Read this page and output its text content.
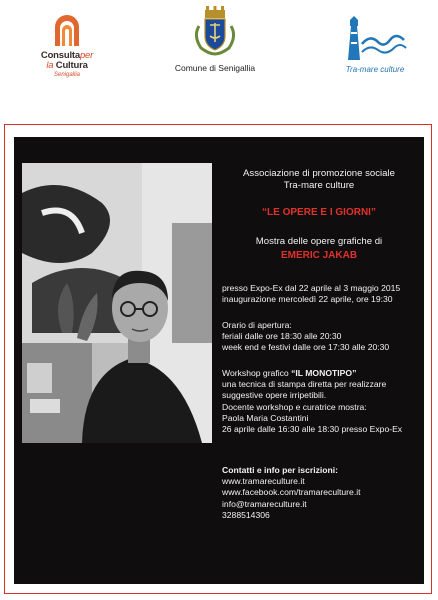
Consultaper
la Cultura
Senigallia
Comune di Senigallia	Tra-mare culture
Associazione di promozione sociale
Tra-mare culture
“LE OPERE E I GIORNI”
Mostra delle opere grafiche di
EMERIC JAKAB
presso Expo-Ex dal 22 aprile al 3 maggio 2015
inaugurazione mercoledì 22 aprile, ore 19:30
Orario di apertura:
feriali dalle ore 18:30 alle 20:30
week end e festivi dalle ore 17:30 alle 20:30
Workshop grafico “IL MONOTIPO”
una tecnica di stampa diretta per realizzare
suggestive opere irripetibili.
Docente workshop e curatrice mostra:
Paola Maria Costantini
26 aprile dalle 16:30 alle 18:30 presso Expo-Ex
Contatti e info per iscrizioni:
www.tramareculture.it
www.facebook.com/tramareculture.it
info@tramareculture.it
3288514306
